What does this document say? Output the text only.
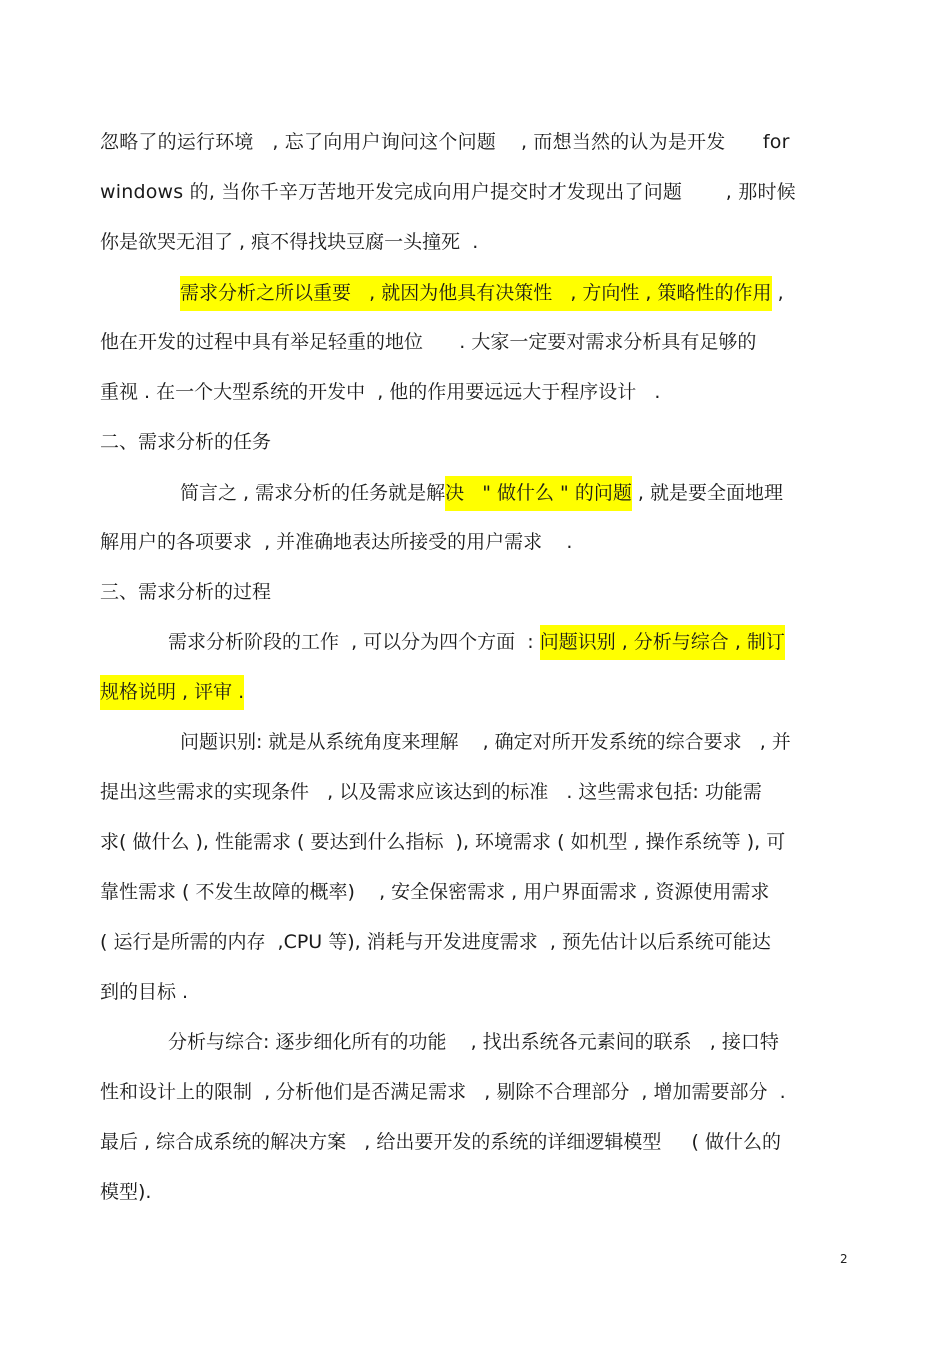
忽略了的运行环境   , 忘了向用户询问这个问题    , 而想当然的认为是开发      for
windows 的, 当你千辛万苦地开发完成向用户提交时才发现出了问题       , 那时候
你是欲哭无泪了 , 痕不得找块豆腐一头撞死  .
需求分析之所以重要   , 就因为他具有决策性   , 方向性 , 策略性的作用 ,
他在开发的过程中具有举足轻重的地位      . 大家一定要对需求分析具有足够的
重视 . 在一个大型系统的开发中  , 他的作用要远远大于程序设计   .
二、需求分析的任务
简言之 , 需求分析的任务就是解决   " 做什么 " 的问题 , 就是要全面地理
解用户的各项要求  , 并准确地表达所接受的用户需求    .
三、需求分析的过程
需求分析阶段的工作  , 可以分为四个方面  : 问题识别 , 分析与综合 , 制订
规格说明 , 评审 .
问题识别: 就是从系统角度来理解    , 确定对所开发系统的综合要求   , 并
提出这些需求的实现条件   , 以及需求应该达到的标准   . 这些需求包括: 功能需
求( 做什么 ), 性能需求 ( 要达到什么指标  ), 环境需求 ( 如机型 , 操作系统等 ), 可
靠性需求 ( 不发生故障的概率)    , 安全保密需求 , 用户界面需求 , 资源使用需求
( 运行是所需的内存  ,CPU 等), 消耗与开发进度需求  , 预先估计以后系统可能达
到的目标 .
分析与综合: 逐步细化所有的功能    , 找出系统各元素间的联系   , 接口特
性和设计上的限制  , 分析他们是否满足需求   , 剔除不合理部分  , 增加需要部分  .
最后 , 综合成系统的解决方案   , 给出要开发的系统的详细逻辑模型     ( 做什么的
模型).
2
